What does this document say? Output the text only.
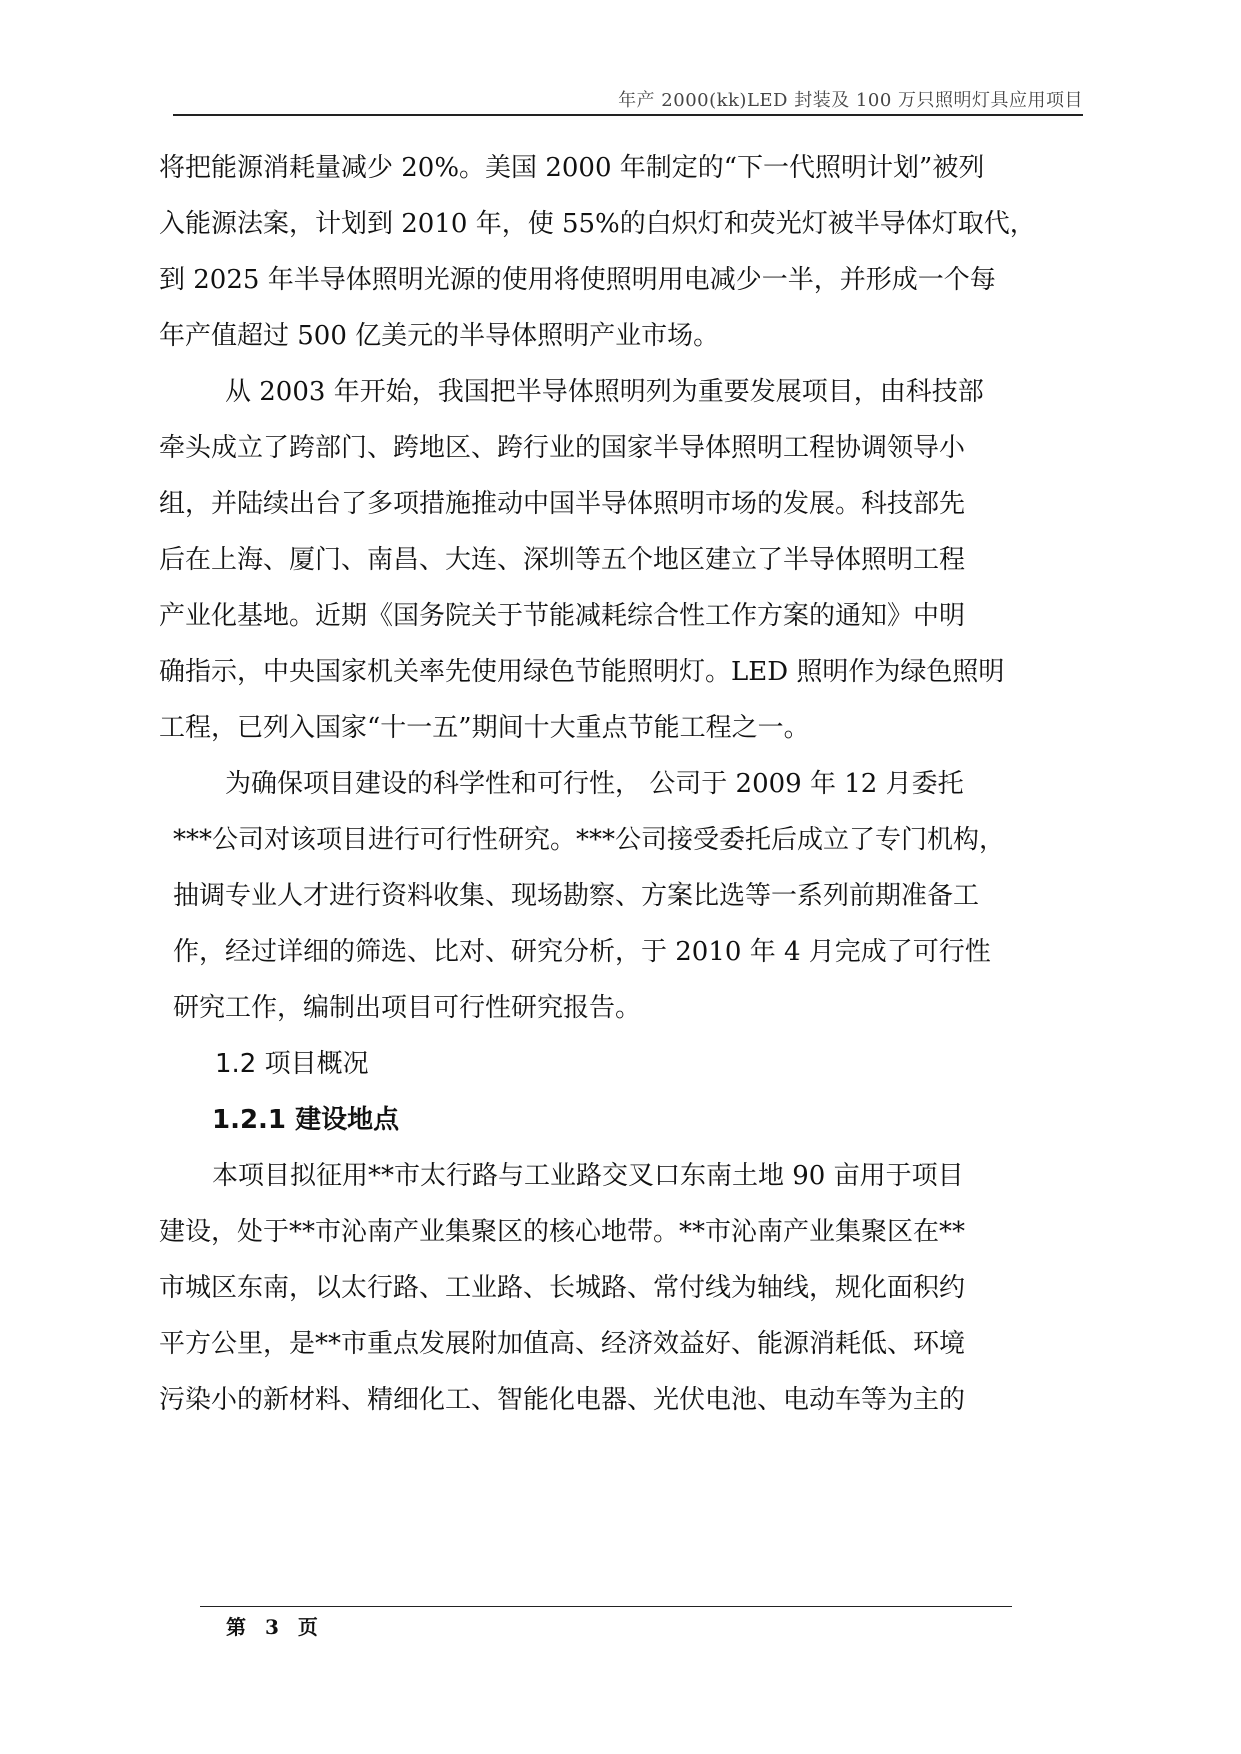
年产 2000(kk)LED 封装及 100 万只照明灯具应用项目
将把能源消耗量减少 20%。美国 2000 年制定的“下一代照明计划”被列
入能源法案，计划到 2010 年，使 55%的白炽灯和荧光灯被半导体灯取代，
到 2025 年半导体照明光源的使用将使照明用电减少一半，并形成一个每
年产值超过 500 亿美元的半导体照明产业市场。
从 2003 年开始，我国把半导体照明列为重要发展项目，由科技部
牵头成立了跨部门、跨地区、跨行业的国家半导体照明工程协调领导小
组，并陆续出台了多项措施推动中国半导体照明市场的发展。科技部先
后在上海、厦门、南昌、大连、深圳等五个地区建立了半导体照明工程
产业化基地。近期《国务院关于节能减耗综合性工作方案的通知》中明
确指示，中央国家机关率先使用绿色节能照明灯。LED 照明作为绿色照明
工程，已列入国家“十一五”期间十大重点节能工程之一。
为确保项目建设的科学性和可行性， 公司于 2009 年 12 月委托
***公司对该项目进行可行性研究。***公司接受委托后成立了专门机构，
抽调专业人才进行资料收集、现场勘察、方案比选等一系列前期准备工
作，经过详细的筛选、比对、研究分析，于 2010 年 4 月完成了可行性
研究工作，编制出项目可行性研究报告。
1.2 项目概况
1.2.1 建设地点
本项目拟征用**市太行路与工业路交叉口东南土地 90 亩用于项目
建设，处于**市沁南产业集聚区的核心地带。**市沁南产业集聚区在**
市城区东南，以太行路、工业路、长城路、常付线为轴线，规化面积约
平方公里，是**市重点发展附加值高、经济效益好、能源消耗低、环境
污染小的新材料、精细化工、智能化电器、光伏电池、电动车等为主的
第 3 页
